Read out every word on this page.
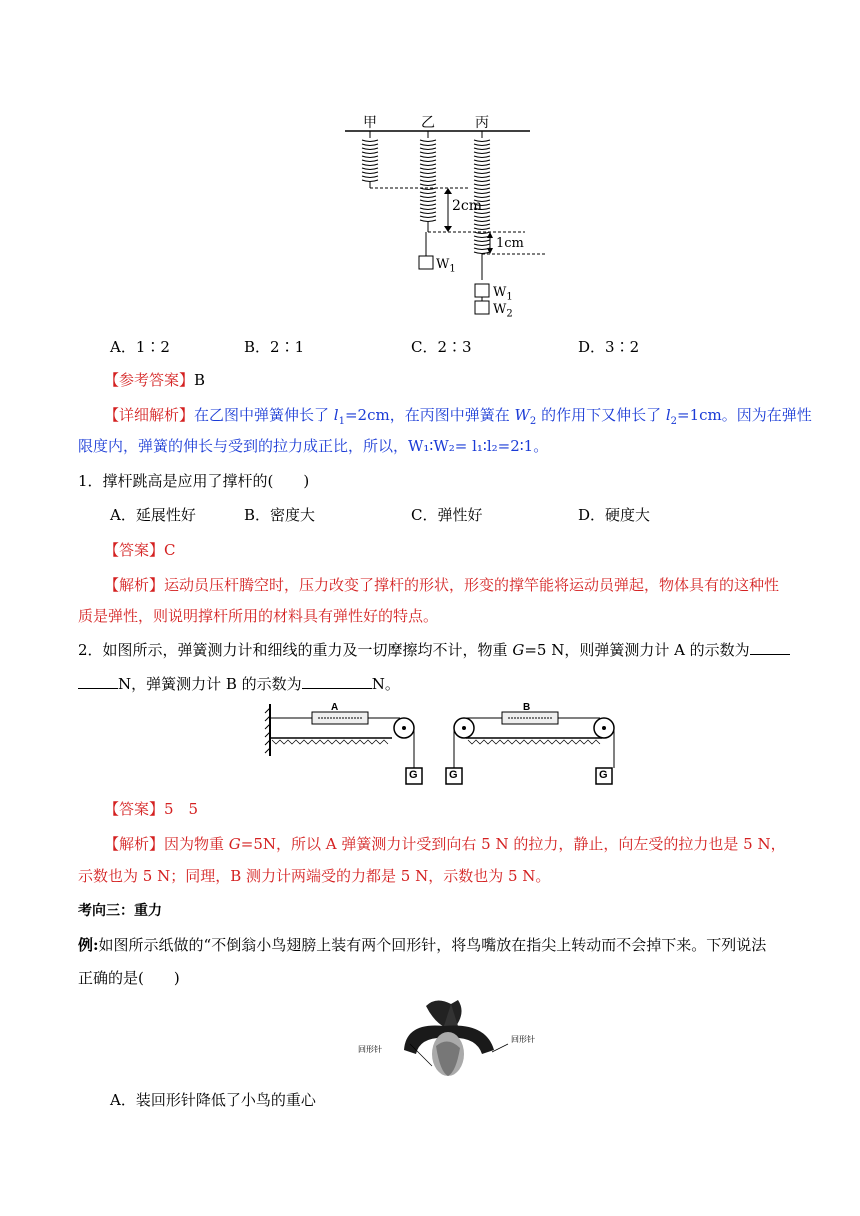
甲	乙	丙
2cm
1cm
$W_1$
$W_1$
$W_2$
A．1∶2	B．2∶1	C．2∶3	D．3∶2
【参考答案】B
【详细解析】在乙图中弹簧伸长了 $l_1=2cm$，在丙图中弹簧在 $W_2$ 的作用下又伸长了 $l_2=1cm$。因为在弹性
限度内，弹簧的伸长与受到的拉力成正比，所以，W₁∶W₂= l₁∶l₂=2∶1。
1．撑杆跳高是应用了撑杆的(　　)
A．延展性好	B．密度大	C．弹性好	D．硬度大
【答案】C
【解析】运动员压杆腾空时，压力改变了撑杆的形状，形变的撑竿能将运动员弹起，物体具有的这种性
质是弹性，则说明撑杆所用的材料具有弹性好的特点。
2．如图所示，弹簧测力计和细线的重力及一切摩擦均不计，物重 G=5 N，则弹簧测力计 A 的示数为
N，弹簧测力计 B 的示数为	N。
A	B
G	G	G
【答案】5　5
【解析】因为物重 G=5N，所以 A 弹簧测力计受到向右 5 N 的拉力，静止，向左受的拉力也是 5 N，
示数也为 5 N；同理，B 测力计两端受的力都是 5 N，示数也为 5 N。
考向三：重力
例:如图所示纸做的“不倒翁小鸟翅膀上装有两个回形针，将鸟嘴放在指尖上转动而不会掉下来。下列说法
正确的是(　　)
回形针
回形针
A．装回形针降低了小鸟的重心
